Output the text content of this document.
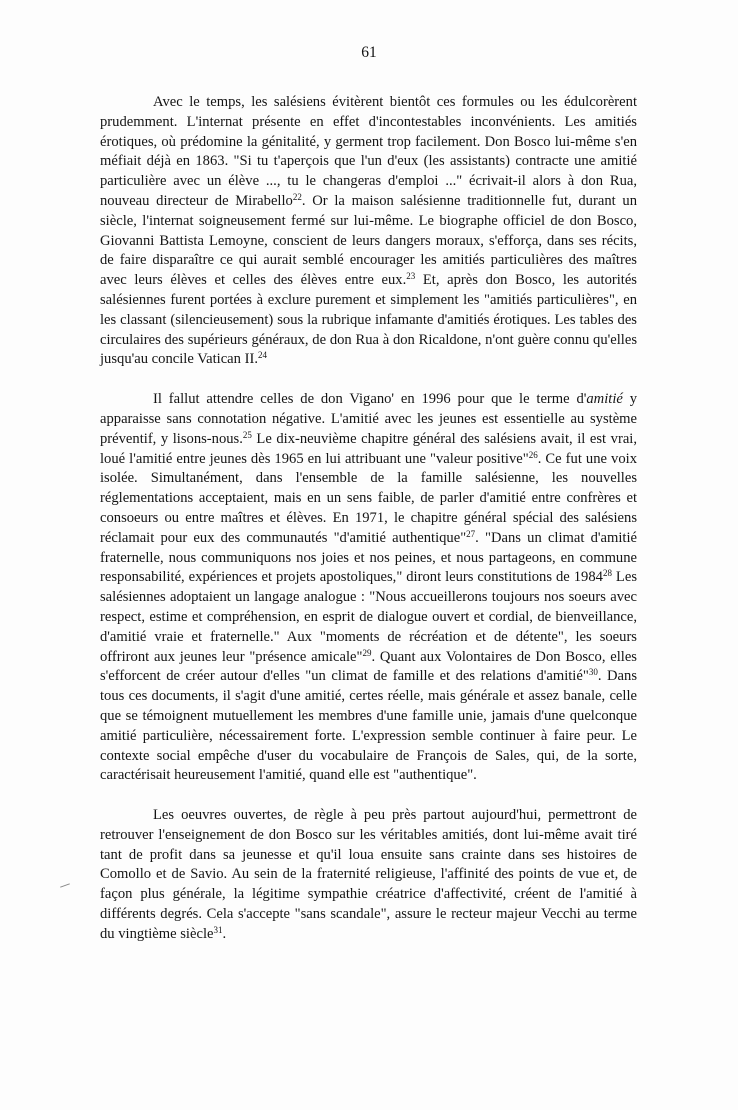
61

Avec le temps, les salésiens évitèrent bientôt ces formules ou les édulcorèrent prudemment. L'internat présente en effet d'incontestables inconvénients. Les amitiés érotiques, où prédomine la génitalité, y germent trop facilement. Don Bosco lui-même s'en méfiait déjà en 1863. "Si tu t'aperçois que l'un d'eux (les assistants) contracte une amitié particulière avec un élève ..., tu le changeras d'emploi ..." écrivait-il alors à don Rua, nouveau directeur de Mirabello$^{22}$. Or la maison salésienne traditionnelle fut, durant un siècle, l'internat soigneusement fermé sur lui-même. Le biographe officiel de don Bosco, Giovanni Battista Lemoyne, conscient de leurs dangers moraux, s'efforça, dans ses récits, de faire disparaître ce qui aurait semblé encourager les amitiés particulières des maîtres avec leurs élèves et celles des élèves entre eux.$^{23}$ Et, après don Bosco, les autorités salésiennes furent portées à exclure purement et simplement les "amitiés particulières", en les classant (silencieusement) sous la rubrique infamante d'amitiés érotiques. Les tables des circulaires des supérieurs généraux, de don Rua à don Ricaldone, n'ont guère connu qu'elles jusqu'au concile Vatican II.$^{24}$

Il fallut attendre celles de don Vigano' en 1996 pour que le terme d'amitié y apparaisse sans connotation négative. L'amitié avec les jeunes est essentielle au système préventif, y lisons-nous.$^{25}$ Le dix-neuvième chapitre général des salésiens avait, il est vrai, loué l'amitié entre jeunes dès 1965 en lui attribuant une "valeur positive"$^{26}$. Ce fut une voix isolée. Simultanément, dans l'ensemble de la famille salésienne, les nouvelles réglementations acceptaient, mais en un sens faible, de parler d'amitié entre confrères et consoeurs ou entre maîtres et élèves. En 1971, le chapitre général spécial des salésiens réclamait pour eux des communautés "d'amitié authentique"$^{27}$. "Dans un climat d'amitié fraternelle, nous communiquons nos joies et nos peines, et nous partageons, en commune responsabilité, expériences et projets apostoliques," diront leurs constitutions de 1984$^{28}$ Les salésiennes adoptaient un langage analogue : "Nous accueillerons toujours nos soeurs avec respect, estime et compréhension, en esprit de dialogue ouvert et cordial, de bienveillance, d'amitié vraie et fraternelle." Aux "moments de récréation et de détente", les soeurs offriront aux jeunes leur "présence amicale"$^{29}$. Quant aux Volontaires de Don Bosco, elles s'efforcent de créer autour d'elles "un climat de famille et des relations d'amitié"$^{30}$. Dans tous ces documents, il s'agit d'une amitié, certes réelle, mais générale et assez banale, celle que se témoignent mutuellement les membres d'une famille unie, jamais d'une quelconque amitié particulière, nécessairement forte. L'expression semble continuer à faire peur. Le contexte social empêche d'user du vocabulaire de François de Sales, qui, de la sorte, caractérisait heureusement l'amitié, quand elle est "authentique".

Les oeuvres ouvertes, de règle à peu près partout aujourd'hui, permettront de retrouver l'enseignement de don Bosco sur les véritables amitiés, dont lui-même avait tiré tant de profit dans sa jeunesse et qu'il loua ensuite sans crainte dans ses histoires de Comollo et de Savio. Au sein de la fraternité religieuse, l'affinité des points de vue et, de façon plus générale, la légitime sympathie créatrice d'affectivité, créent de l'amitié à différents degrés. Cela s'accepte "sans scandale", assure le recteur majeur Vecchi au terme du vingtième siècle$^{31}$.
